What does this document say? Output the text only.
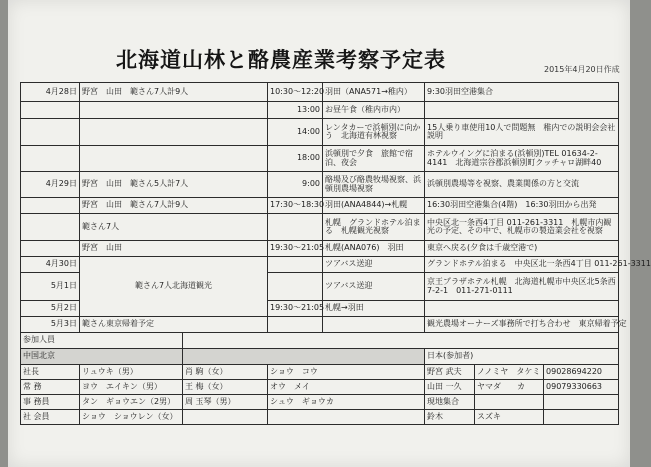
北海道山林と酪農産業考察予定表	2015年4月20日作成
4月28日	野宮　山田　範さん7人計9人		10:30～12:20	羽田（ANA571→稚内）	9:30羽田空港集合		
			13:00	お昼午食（稚内市内）			
			14:00	レンタカーで浜頓別に向かう　北海道有林視察	15人乗り車使用10人で問題無　稚内での説明会会社説明		
			18:00	浜頓別で夕食　旅館で宿泊、夜会	ホテルウイングに泊まる(浜頓別)TEL 01634-2-4141　北海道宗谷郡浜頓別町クッチャロ湖畔40		
4月29日	野宮　山田　範さん5人計7人		9:00	酪場及び酪農牧場視察、浜頓別農場視察	浜頓別農場等を視察、農業関係の方と交流		
	野宮　山田　範さん7人計9人		17:30～18:30	羽田(ANA4844)→札幌	16:30羽田空港集合(4階)　16:30羽田から出発		
	範さん7人			札幌　グランドホテル泊まる　札幌観光視察	中央区北一条西4丁目 011-261-3311　札幌市内観光の予定、その中で、札幌市の製造業会社を視察		
	野宮　山田		19:30～21:05	札幌(ANA076)　羽田	東京へ戻る(夕食は千歳空港で)		
4月30日	範さん7人北海道観光			ツアバス送迎	グランドホテル泊まる　中央区北一条西4丁目 011-261-3311		
5月1日				ツアバス送迎	京王プラザホテル札幌　北海道札幌市中央区北5条西7-2-1　011-271-0111		
5月2日			19:30～21:05	札幌→羽田			
5月3日	範さん東京帰着予定				観光農場オーナーズ事務所で打ち合わせ　東京帰着予定		
参加人員							
中国北京					日本(参加者)		
社長	リュウキ（男）	肖 駒（女）	ショウ　コウ		野宮 武夫	ノノミヤ　タケミ	09028694220
常 務	ヨウ　エイキン（男）	王 梅（女）	オウ　メイ		山田 一久	ヤマダ　　カ	09079330663
事 務員	タン　ギョウエン（2男）	周 玉琴（男）	シュウ　ギョウカ		現地集合		
社 会員	ショウ　ショウレン（女）				鈴木	スズキ	
